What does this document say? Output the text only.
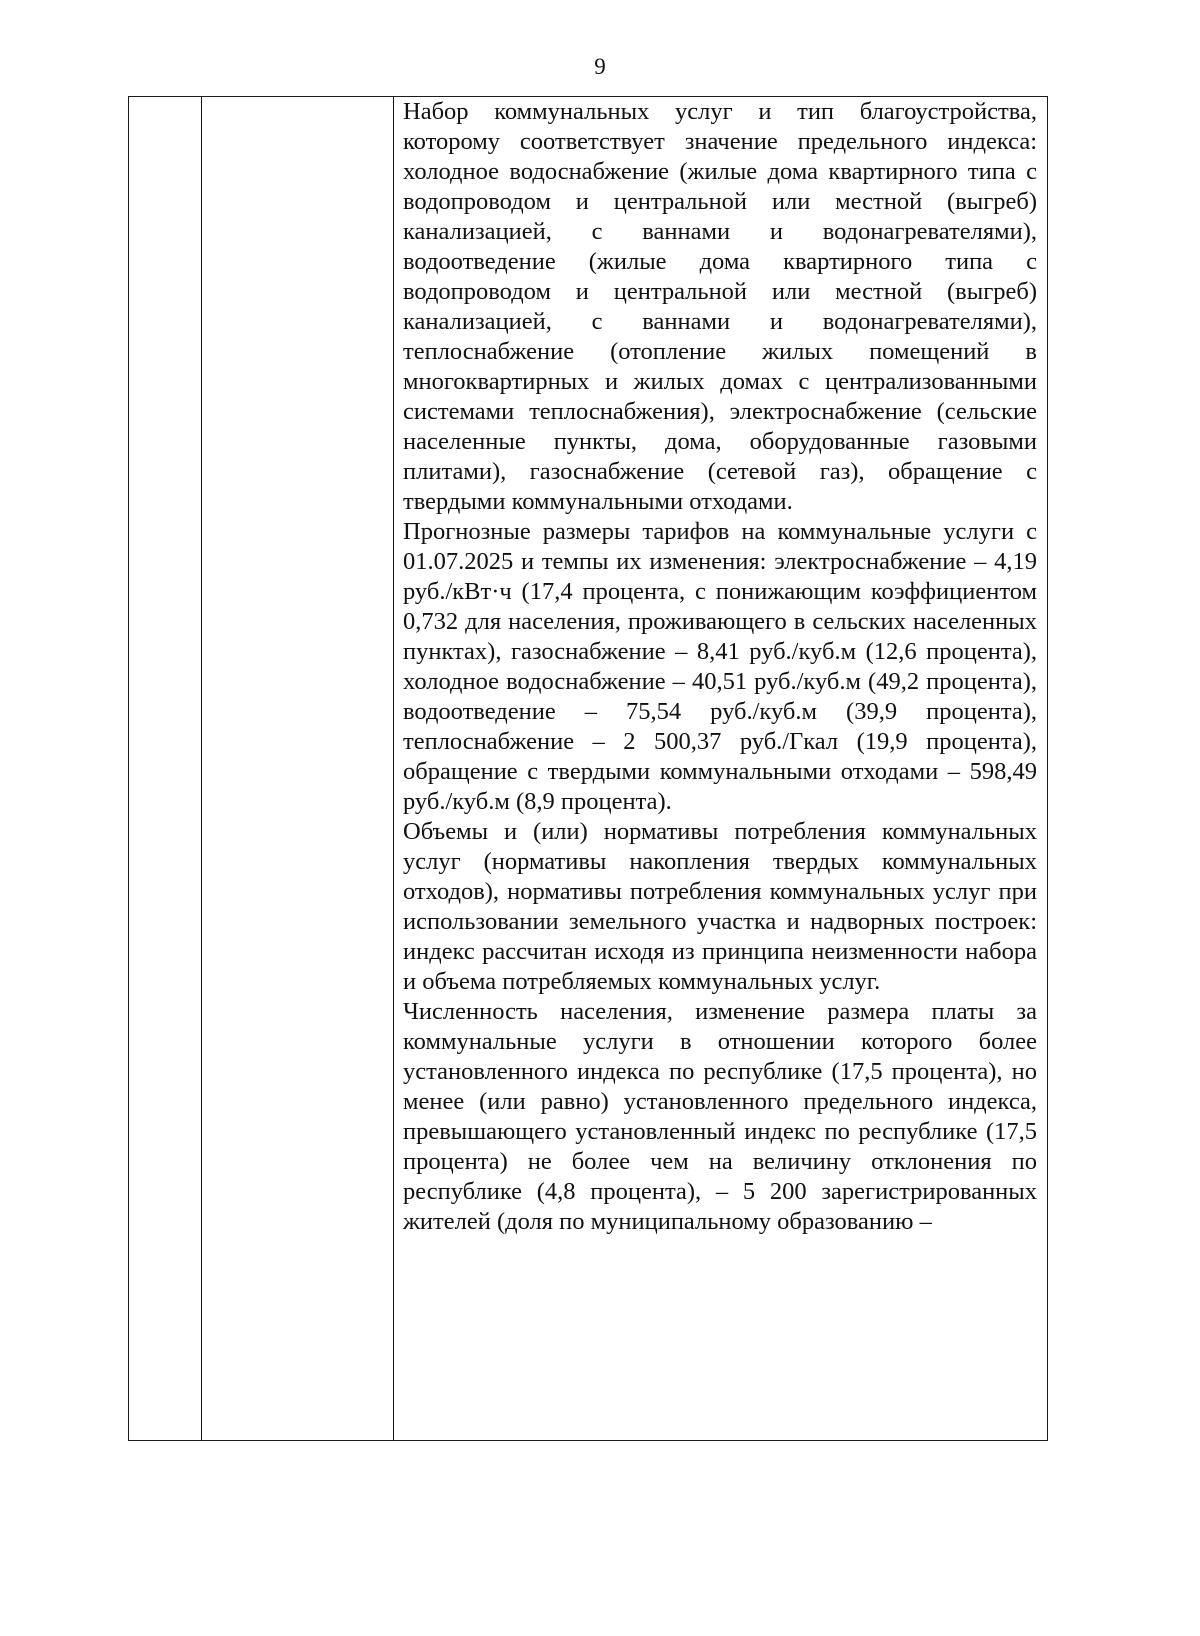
9

Набор коммунальных услуг и тип благоустройства, которому соответствует значение предельного индекса: холодное водоснабжение (жилые дома квартирного типа с водопроводом и центральной или местной (выгреб) канализацией, с ваннами и водонагревателями), водоотведение (жилые дома квартирного типа с водопроводом и центральной или местной (выгреб) канализацией, с ваннами и водонагревателями), теплоснабжение (отопление жилых помещений в многоквартирных и жилых домах с централизованными системами теплоснабжения), электроснабжение (сельские населенные пункты, дома, оборудованные газовыми плитами), газоснабжение (сетевой газ), обращение с твердыми коммунальными отходами.

Прогнозные размеры тарифов на коммунальные услуги с 01.07.2025 и темпы их изменения: электроснабжение – 4,19 руб./кВт·ч (17,4 процента, с понижающим коэффициентом 0,732 для населения, проживающего в сельских населенных пунктах), газоснабжение – 8,41 руб./куб.м (12,6 процента), холодное водоснабжение – 40,51 руб./куб.м (49,2 процента), водоотведение – 75,54 руб./куб.м (39,9 процента), теплоснабжение – 2 500,37 руб./Гкал (19,9 процента), обращение с твердыми коммунальными отходами – 598,49 руб./куб.м (8,9 процента).

Объемы и (или) нормативы потребления коммунальных услуг (нормативы накопления твердых коммунальных отходов), нормативы потребления коммунальных услуг при использовании земельного участка и надворных построек: индекс рассчитан исходя из принципа неизменности набора и объема потребляемых коммунальных услуг.

Численность населения, изменение размера платы за коммунальные услуги в отношении которого более установленного индекса по республике (17,5 процента), но менее (или равно) установленного предельного индекса, превышающего установленный индекс по республике (17,5 процента) не более чем на величину отклонения по республике (4,8 процента), – 5 200 зарегистрированных жителей (доля по муниципальному образованию –
